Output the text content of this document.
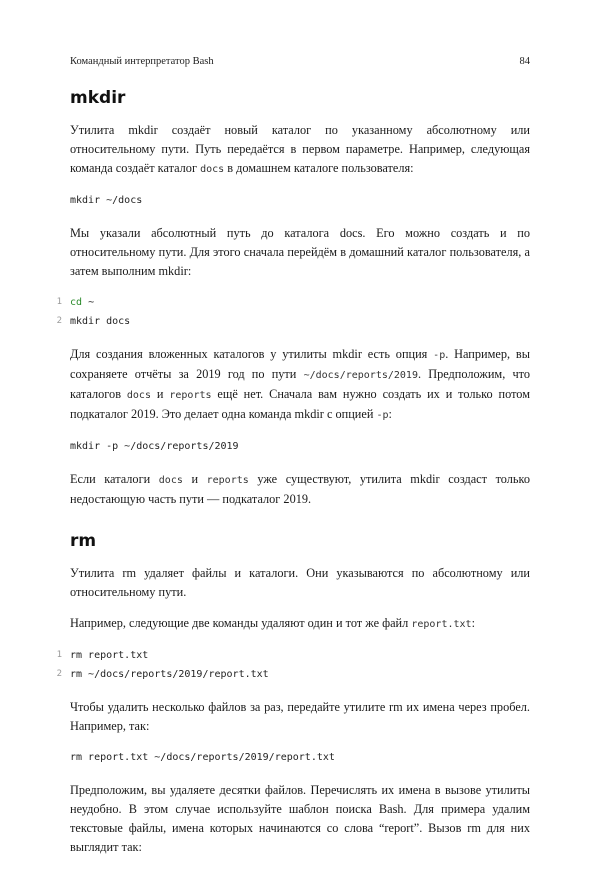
Командный интерпретатор Bash	84
mkdir

Утилита mkdir создаёт новый каталог по указанному абсолютному или относительному пути. Путь передаётся в первом параметре. Например, следующая команда создаёт каталог docs в домашнем каталоге пользователя:

mkdir ~/docs

Мы указали абсолютный путь до каталога docs. Его можно создать и по относительному пути. Для этого сначала перейдём в домашний каталог пользователя, а затем выполним mkdir:

1 cd ~
2 mkdir docs

Для создания вложенных каталогов у утилиты mkdir есть опция -p. Например, вы сохраняете отчёты за 2019 год по пути ~/docs/reports/2019. Предположим, что каталогов docs и reports ещё нет. Сначала вам нужно создать их и только потом подкаталог 2019. Это делает одна команда mkdir с опцией -p:

mkdir -p ~/docs/reports/2019

Если каталоги docs и reports уже существуют, утилита mkdir создаст только недостающую часть пути — подкаталог 2019.

rm

Утилита rm удаляет файлы и каталоги. Они указываются по абсолютному или относительному пути.

Например, следующие две команды удаляют один и тот же файл report.txt:

1 rm report.txt
2 rm ~/docs/reports/2019/report.txt

Чтобы удалить несколько файлов за раз, передайте утилите rm их имена через пробел. Например, так:

rm report.txt ~/docs/reports/2019/report.txt

Предположим, вы удаляете десятки файлов. Перечислять их имена в вызове утилиты неудобно. В этом случае используйте шаблон поиска Bash. Для примера удалим текстовые файлы, имена которых начинаются со слова “report”. Вызов rm для них выглядит так:
